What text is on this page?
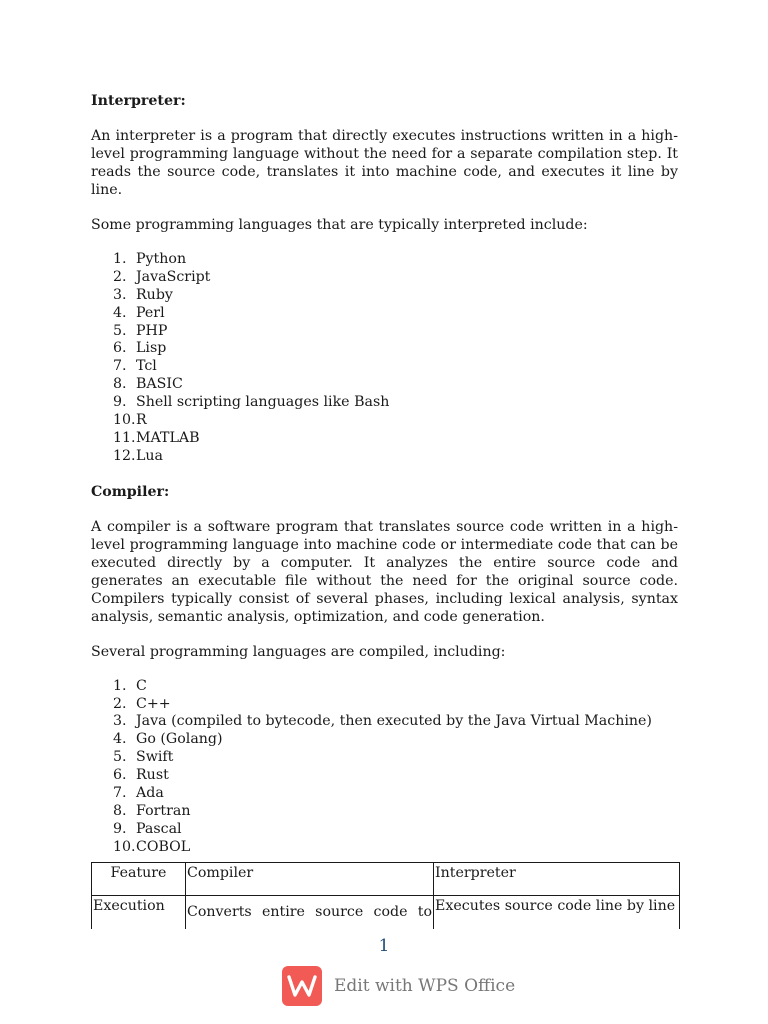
Interpreter:

An interpreter is a program that directly executes instructions written in a high-level programming language without the need for a separate compilation step. It reads the source code, translates it into machine code, and executes it line by line.

Some programming languages that are typically interpreted include:

1. Python
2. JavaScript
3. Ruby
4. Perl
5. PHP
6. Lisp
7. Tcl
8. BASIC
9. Shell scripting languages like Bash
10. R
11. MATLAB
12. Lua
Compiler:

A compiler is a software program that translates source code written in a high-level programming language into machine code or intermediate code that can be executed directly by a computer. It analyzes the entire source code and generates an executable file without the need for the original source code. Compilers typically consist of several phases, including lexical analysis, syntax analysis, semantic analysis, optimization, and code generation.

Several programming languages are compiled, including:

1. C
2. C++
3. Java (compiled to bytecode, then executed by the Java Virtual Machine)
4. Go (Golang)
5. Swift
6. Rust
7. Ada
8. Fortran
9. Pascal
10. COBOL
Feature	Compiler	Interpreter
Execution	Converts entire source code to	Executes source code line by line
1
Edit with WPS Office
